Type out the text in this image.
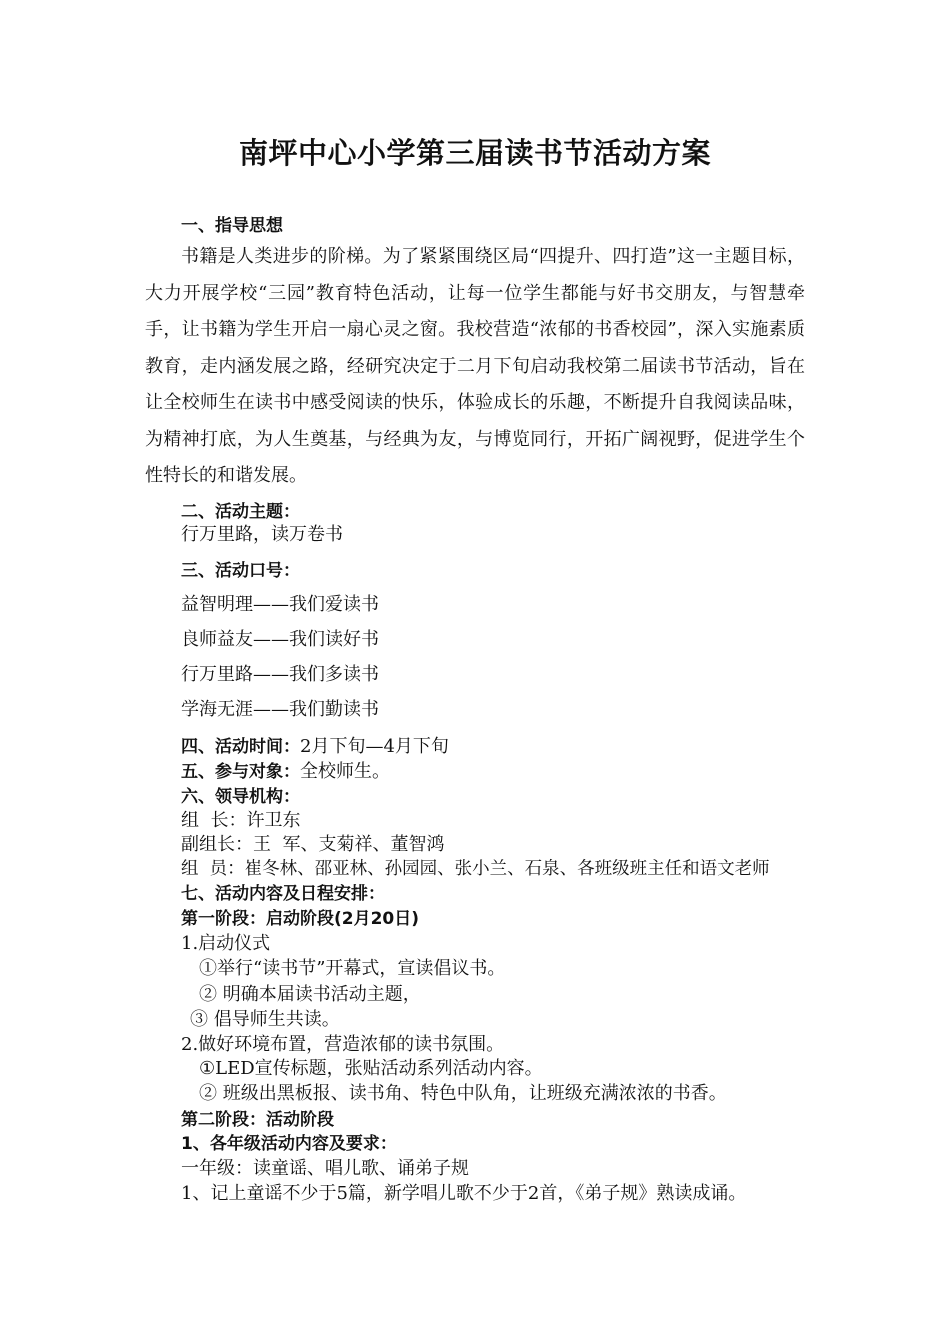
南坪中心小学第三届读书节活动方案
一、指导思想

书籍是人类进步的阶梯。为了紧紧围绕区局“四提升、四打造”这一主题目标，大力开展学校“三园”教育特色活动，让每一位学生都能与好书交朋友，与智慧牵手，让书籍为学生开启一扇心灵之窗。我校营造“浓郁的书香校园”，深入实施素质教育，走内涵发展之路，经研究决定于二月下旬启动我校第二届读书节活动，旨在让全校师生在读书中感受阅读的快乐，体验成长的乐趣，不断提升自我阅读品味，为精神打底，为人生奠基，与经典为友，与博览同行，开拓广阔视野，促进学生个性特长的和谐发展。

二、活动主题：
行万里路，读万卷书
三、活动口号：
益智明理——我们爱读书
良师益友——我们读好书
行万里路——我们多读书
学海无涯——我们勤读书
四、活动时间：2月下旬—4月下旬
五、参与对象：全校师生。
六、领导机构：
组  长：许卫东
副组长：王  军、支菊祥、董智鸿
组  员：崔冬林、邵亚林、孙园园、张小兰、石泉、各班级班主任和语文老师
七、活动内容及日程安排：
第一阶段：启动阶段(2月20日)
1.启动仪式
①举行“读书节”开幕式，宣读倡议书。
② 明确本届读书活动主题，
③ 倡导师生共读。
2.做好环境布置，营造浓郁的读书氛围。
①LED宣传标题，张贴活动系列活动内容。
② 班级出黑板报、读书角、特色中队角，让班级充满浓浓的书香。
第二阶段：活动阶段
1、各年级活动内容及要求：
一年级：读童谣、唱儿歌、诵弟子规
1、记上童谣不少于5篇，新学唱儿歌不少于2首，《弟子规》熟读成诵。
